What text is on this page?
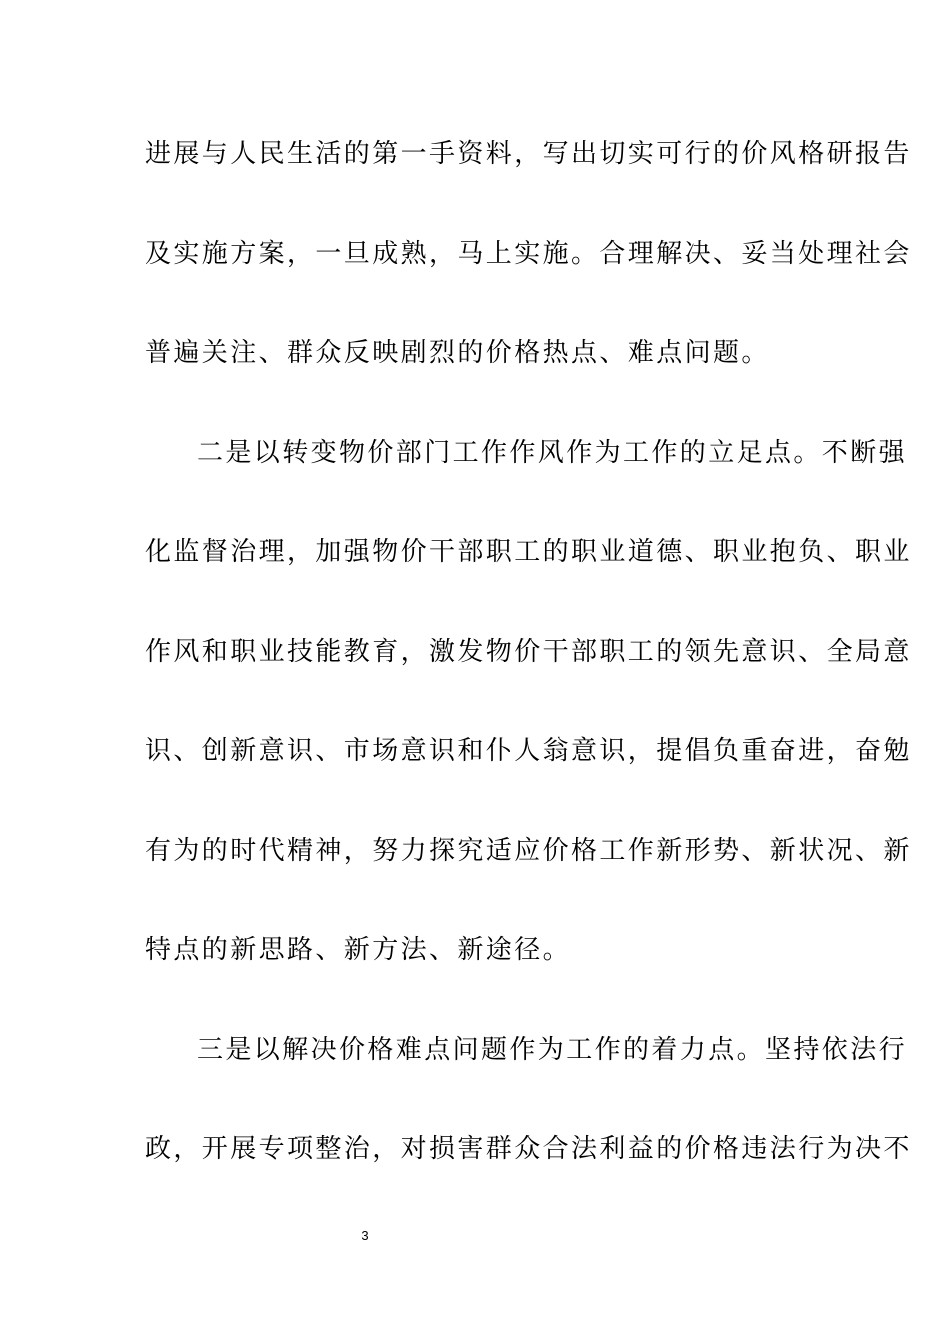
进展与人民生活的第一手资料，写出切实可行的价风格研报告
及实施方案，一旦成熟，马上实施。合理解决、妥当处理社会
普遍关注、群众反映剧烈的价格热点、难点问题。
二是以转变物价部门工作作风作为工作的立足点。不断强
化监督治理，加强物价干部职工的职业道德、职业抱负、职业
作风和职业技能教育，激发物价干部职工的领先意识、全局意
识、创新意识、市场意识和仆人翁意识，提倡负重奋进，奋勉
有为的时代精神，努力探究适应价格工作新形势、新状况、新
特点的新思路、新方法、新途径。
三是以解决价格难点问题作为工作的着力点。坚持依法行
政，开展专项整治，对损害群众合法利益的价格违法行为决不
3
